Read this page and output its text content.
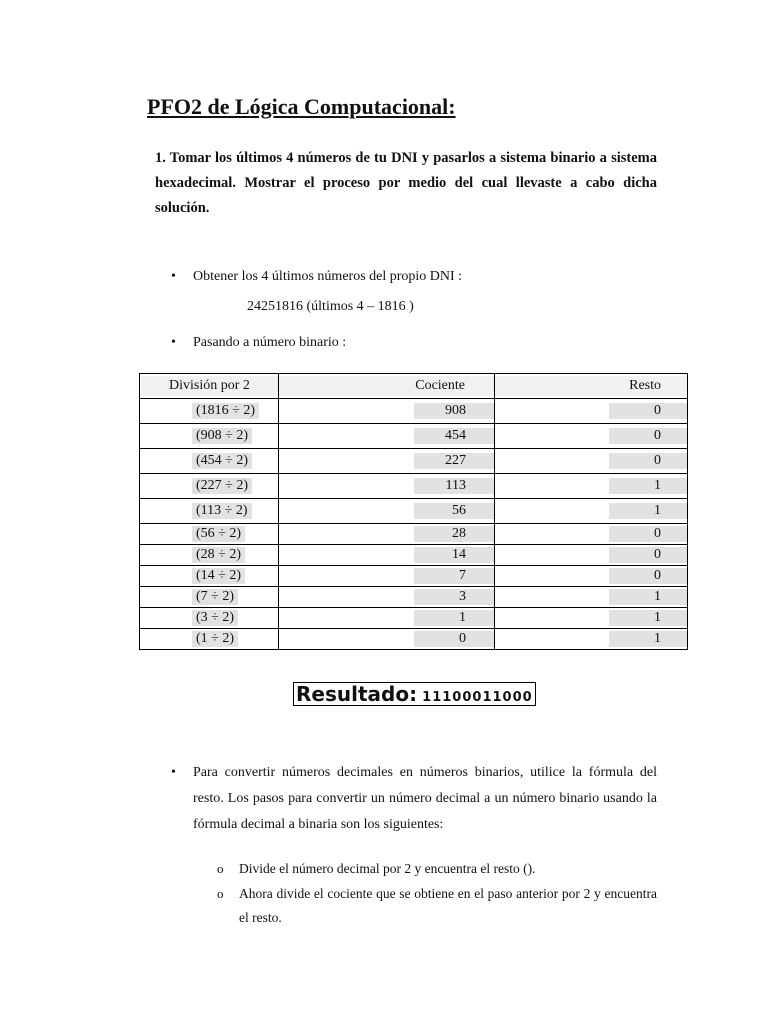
PFO2 de Lógica Computacional:

1. Tomar los últimos 4 números de tu DNI y pasarlos a sistema binario a sistema hexadecimal. Mostrar el proceso por medio del cual llevaste a cabo dicha solución.

• Obtener los 4 últimos números del propio DNI :
24251816 (últimos 4 – 1816 )
• Pasando a número binario :
División por 2	Cociente	Resto

(1816 ÷ 2)	908	0
(908 ÷ 2)	454	0
(454 ÷ 2)	227	0
(227 ÷ 2)	113	1
(113 ÷ 2)	56	1
(56 ÷ 2)	28	0
(28 ÷ 2)	14	0
(14 ÷ 2)	7	0
(7 ÷ 2)	3	1
(3 ÷ 2)	1	1
(1 ÷ 2)	0	1
Resultado: 11100011000

• Para convertir números decimales en números binarios, utilice la fórmula del resto. Los pasos para convertir un número decimal a un número binario usando la fórmula decimal a binaria son los siguientes:

o Divide el número decimal por 2 y encuentra el resto ().

o Ahora divide el cociente que se obtiene en el paso anterior por 2 y encuentra el resto.
